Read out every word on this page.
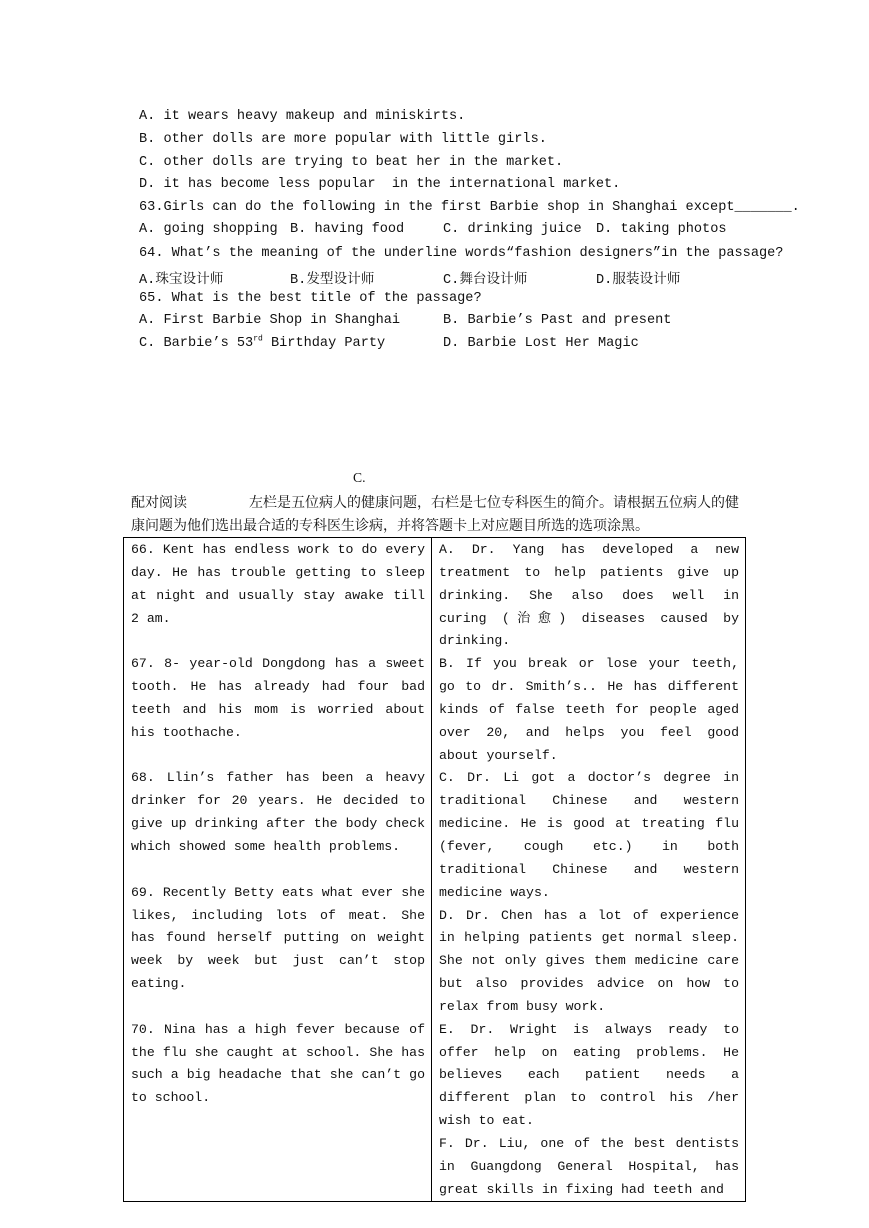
A. it wears heavy makeup and miniskirts.
B. other dolls are more popular with little girls.
C. other dolls are trying to beat her in the market.
D. it has become less popular  in the international market.
63.Girls can do the following in the first Barbie shop in Shanghai except_______.

A. going shopping

B. having food

	C. drinking juice

D. taking photos

64. What’s the meaning of the underline words“fashion designers”in the passage?

A.珠宝设计师

	B.发型设计师

	C.舞台设计师

	D.服装设计师

65. What is the best title of the passage?

A. First Barbie Shop in Shanghai

	B. Barbie’s Past and present

C. Barbie’s 53rd Birthday Party

	D. Barbie Lost Her Magic

C.
配对阅读	左栏是五位病人的健康问题，右栏是七位专科医生的简介。请根据五位病人的健康问题为他们选出最合适的专科医生诊病，并将答题卡上对应题目所选的选项涂黑。

66. Kent has endless work to do every day. He has trouble getting to sleep at night and usually stay awake till 2 am.

67. 8- year-old Dongdong has a sweet tooth. He has already had four bad teeth and his mom is worried about his toothache.

68. Llin’s father has been a heavy drinker for 20 years. He decided to give up drinking after the body check which showed some health problems.

69. Recently Betty eats what ever she likes, including lots of meat. She has found herself putting on weight week by week but just can’t stop eating.

70. Nina has a high fever because of the flu she caught at school. She has such a big headache that she can’t go to school.

A. Dr. Yang has developed a new treatment to help patients give up drinking. She also does well in curing (治愈) diseases caused by drinking.

B. If you break or lose your teeth, go to dr. Smith’s.. He has different kinds of false teeth for people aged over 20, and helps you feel good about yourself.

C. Dr. Li got a doctor’s degree in traditional Chinese and western medicine. He is good at treating flu (fever, cough etc.) in both traditional Chinese and western medicine ways.

D. Dr. Chen has a lot of experience in helping patients get normal sleep. She not only gives them medicine care but also provides advice on how to relax from busy work.

E. Dr. Wright is always ready to offer help on eating problems. He believes each patient needs a different plan to control his /her wish to eat.

F. Dr. Liu, one of the best dentists in Guangdong General Hospital, has great skills in fixing had teeth and
